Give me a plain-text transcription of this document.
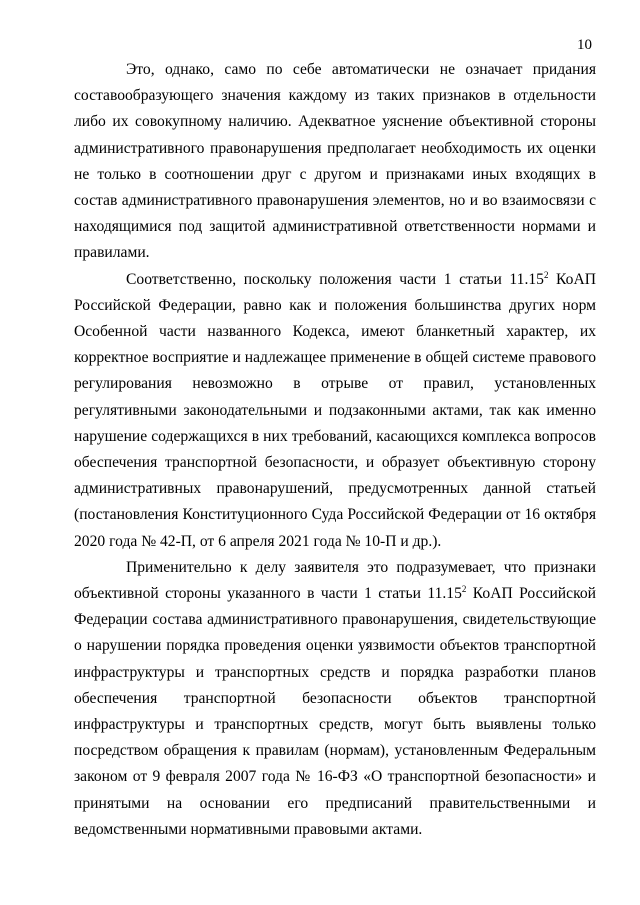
10

Это, однако, само по себе автоматически не означает придания составообразующего значения каждому из таких признаков в отдельности либо их совокупному наличию. Адекватное уяснение объективной стороны административного правонарушения предполагает необходимость их оценки не только в соотношении друг с другом и признаками иных входящих в состав административного правонарушения элементов, но и во взаимосвязи с находящимися под защитой административной ответственности нормами и правилами.

Соответственно, поскольку положения части 1 статьи 11.15$^2$ КоАП Российской Федерации, равно как и положения большинства других норм Особенной части названного Кодекса, имеют бланкетный характер, их корректное восприятие и надлежащее применение в общей системе правового регулирования невозможно в отрыве от правил, установленных регулятивными законодательными и подзаконными актами, так как именно нарушение содержащихся в них требований, касающихся комплекса вопросов обеспечения транспортной безопасности, и образует объективную сторону административных правонарушений, предусмотренных данной статьей (постановления Конституционного Суда Российской Федерации от 16 октября 2020 года № 42-П, от 6 апреля 2021 года № 10-П и др.).

Применительно к делу заявителя это подразумевает, что признаки объективной стороны указанного в части 1 статьи 11.15$^2$ КоАП Российской Федерации состава административного правонарушения, свидетельствующие о нарушении порядка проведения оценки уязвимости объектов транспортной инфраструктуры и транспортных средств и порядка разработки планов обеспечения транспортной безопасности объектов транспортной инфраструктуры и транспортных средств, могут быть выявлены только посредством обращения к правилам (нормам), установленным Федеральным законом от 9 февраля 2007 года № 16-ФЗ «О транспортной безопасности» и принятыми на основании его предписаний правительственными и ведомственными нормативными правовыми актами.
